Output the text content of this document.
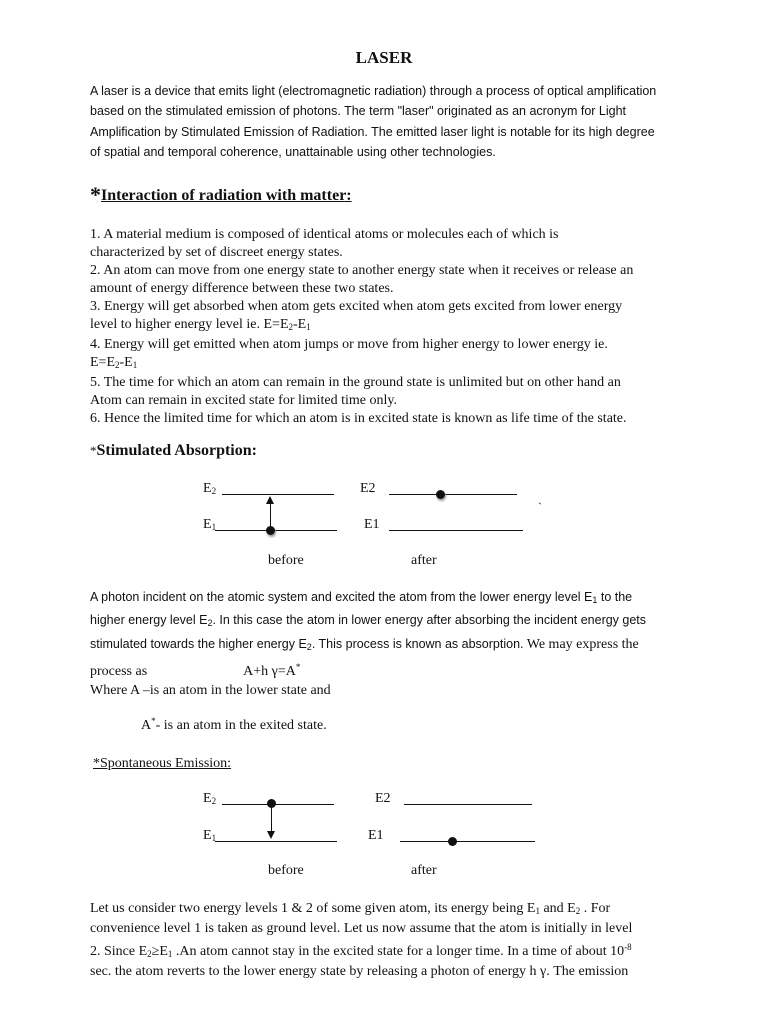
LASER
A laser is a device that emits light (electromagnetic radiation) through a process of optical amplification
based on the stimulated emission of photons. The term "laser" originated as an acronym for Light
Amplification by Stimulated Emission of Radiation. The emitted laser light is notable for its high degree
of spatial and temporal coherence, unattainable using other technologies.
*Interaction of radiation with matter:
1. A material medium is composed of identical atoms or molecules each of which is
characterized by set of discreet energy states.
2. An atom can move from one energy state to another energy state when it receives or release an
amount of energy difference between these two states.
3. Energy will get absorbed when atom gets excited when atom gets excited from lower energy
level to higher energy level ie. $E=E_2-E_1$
4. Energy will get emitted when atom jumps or move from higher energy to lower energy ie.
$E=E_2-E_1$
5. The time for which an atom can remain in the ground state is unlimited but on other hand an
Atom can remain in excited state for limited time only.
6. Hence the limited time for which an atom is in excited state is known as life time of the state.
*Stimulated Absorption:
$E_2$
$E_1$
E2
E1
`
before	after
A photon incident on the atomic system and excited the atom from the lower energy level $E_1$ to the
higher energy level $E_2$. In this case the atom in lower energy after absorbing the incident energy gets
stimulated towards the higher energy $E_2$. This process is known as absorption. We may express the
process as	A+h γ=A*
Where A –is an atom in the lower state and
A*- is an atom in the exited state.
*Spontaneous Emission:
$E_2$
$E_1$
E2
E1
before	after
Let us consider two energy levels 1 & 2 of some given atom, its energy being $E_1$ and $E_2$ . For
convenience level 1 is taken as ground level. Let us now assume that the atom is initially in level
2. Since $E_2\ge E_1$ .An atom cannot stay in the excited state for a longer time. In a time of about $10^{-8}$
sec. the atom reverts to the lower energy state by releasing a photon of energy h γ. The emission
